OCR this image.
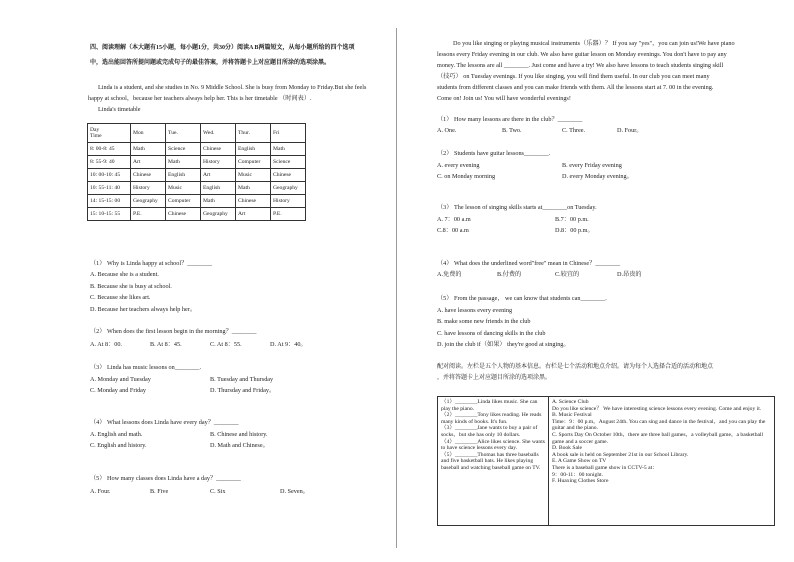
四、阅读理解（本大题有15小题，每小题1分，共30分）阅读A B两篇短文，从每小题所给的四个选项
中，选出能回答所提问题或完成句子的最佳答案，并将答题卡上对应题目所涂的选项涂黑。
Linda is a student, and she studies in No. 9 Middle School. She is busy from Monday to Friday.But she feels
happy at school，because her teachers always help her. This is her timetable （时间表）.
Linda's timetable
Day
Time	Mon	Tue.	Wed.	Thur.	Fri
8: 00-8: 45	Math	Science	Chinese	English	Math
8: 55-9: 40	Art	Math	History	Computer	Science
10: 00-10: 45	Chinese	English	Art	Music	Chinese
10: 55-11: 40	History	Music	English	Math	Geography
14: 15-15: 00	Geography	Computer	Math	Chinese	History
15: 10-15: 55	P.E.	Chinese	Geography	Art	P.E.
（1） Why is Linda happy at school？________
A. Because she is a student.
B. Because she is busy at school.
C. Because she likes art.
D. Because her teachers always help her。
（2） When does the first lesson begin in the morning？________
A. At 8：00.	B. At 8：45.	C. At 8：55.	D. At 9：40。
（3） Linda has music lessons on________.
A. Monday and Tuesday	B. Tuesday and Thursday
C. Monday and Friday	D. Thursday and Friday。
（4） What lessons does Linda have every day？________
A. English and math.	B. Chinese and history.
C. English and history.	D. Math and Chinese。
（5） How many classes does Linda have a day？________
A. Four.	B. Five	C. Six	D. Seven。
Do you like singing or playing musical instruments（乐器）？ If you say "yes"，you can join us!We have piano
lessons every Friday evening in our club. We also have guitar lesson on Monday evenings. You don't have to pay any
money. The lessons are all ________. Just come and have a try! We also have lessons to teach students singing skill
（技巧） on Tuesday evenings. If you like singing, you will find them useful. In our club you can meet many
students from different classes and you can make friends with them. All the lessons start at 7. 00 in the evening.
Come on! Join us! You will have wonderful evenings!
（1） How many lessons are there in the club？________
A. One.	B. Two.	C. Three.	D. Four。
（2） Students have guitar lessons________.
A. every evening	B. every Friday evening
C. on Monday morning	D. every Monday evening。
（3） The lesson of singing skills starts at________on Tuesday.
A. 7：00 a.m	B.7：00 p.m.
C.8：00 a.m	D.8：00 p.m。
（4） What does the underlined word"free" mean in Chinese？________
A.免费的	B.付费的	C.较宜的	D.昂贵的
（5） From the passage， we can know that students can________.
A. have lessons every evening
B. make some new friends in the club
C. have lessons of dancing skills in the club
D. join the club if（如果） they're good at singing。
配对阅读。左栏是五个人物的基本信息。右栏是七个活动和地点介绍。请为每个人选择合适的活动和地点
，并将答题卡上对应题目所涂的选项涂黑。
（1）________Linda likes music. She can play the piano.
（2）________Tony likes reading. He reads many kinds of books. It's fun.
（3）________Jane wants to buy a pair of socks，but she has only 10 dollars.
（4）________Alice likes science. She wants to have science lessons every day.
（5）________Thomas has three baseballs and five basketball bats. He likes playing baseball and watching baseball game on TV.
A. Science Club
Do you like science？ We have interesting science lessons every evening. Come and enjoy it.
B. Music Festival
Time：9：00 p.m，August 24th. You can sing and dance in the festival，and you can play the guitar and the piano.
C. Sports Day On October 10th，there are three ball games，a volleyball game，a basketball game and a soccer game.
D. Book Sale
A book sale is held on September 21st in our School Library.
E. A Game Show on TV
There is a baseball game show in CCTV-5 at：
9：00-11：00 tonight.
F. Huaxing Clothes Store
